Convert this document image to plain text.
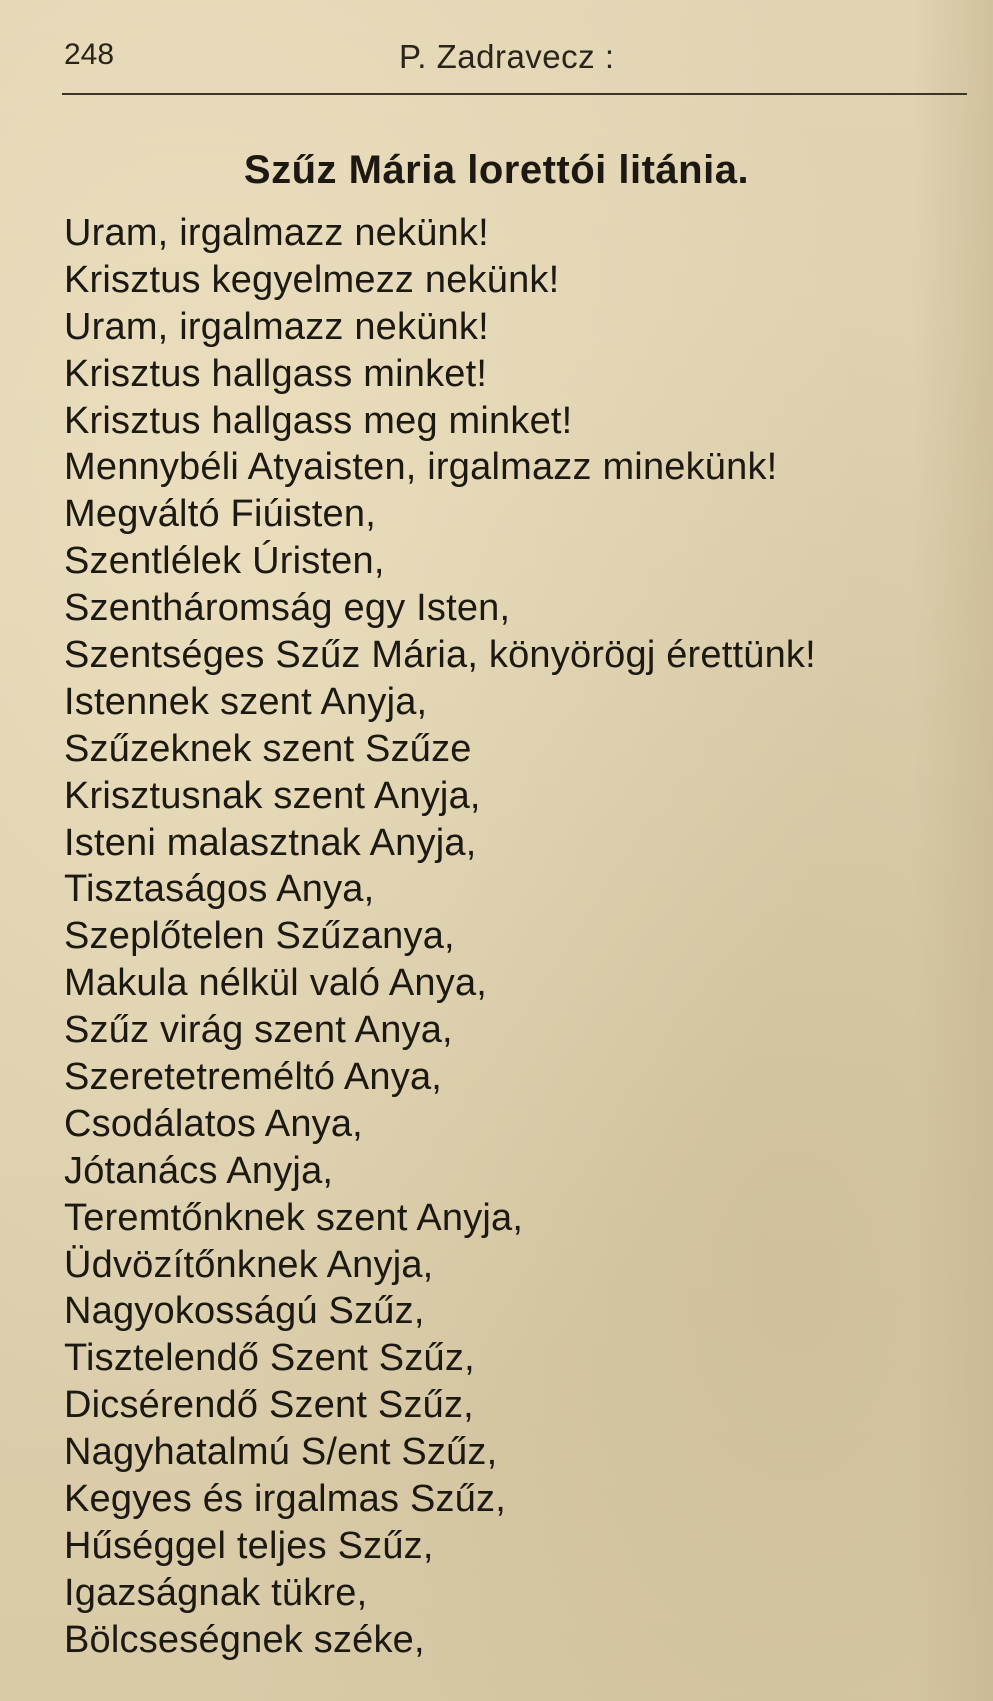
248	P. Zadravecz :
Szűz Mária lorettói litánia.
Uram, irgalmazz nekünk!
Krisztus kegyelmezz nekünk!
Uram, irgalmazz nekünk!
Krisztus hallgass minket!
Krisztus hallgass meg minket!
Mennybéli Atyaisten, irgalmazz minekünk!
Megváltó Fiúisten,
Szentlélek Úristen,
Szentháromság egy Isten,
Szentséges Szűz Mária, könyörögj érettünk!
Istennek szent Anyja,
Szűzeknek szent Szűze
Krisztusnak szent Anyja,
Isteni malasztnak Anyja,
Tisztaságos Anya,
Szeplőtelen Szűzanya,
Makula nélkül való Anya,
Szűz virág szent Anya,
Szeretetreméltó Anya,
Csodálatos Anya,
Jótanács Anyja,
Teremtőnknek szent Anyja,
Üdvözítőnknek Anyja,
Nagyokosságú Szűz,
Tisztelendő Szent Szűz,
Dicsérendő Szent Szűz,
Nagyhatalmú S/ent Szűz,
Kegyes és irgalmas Szűz,
Hűséggel teljes Szűz,
Igazságnak tükre,
Bölcseségnek széke,
